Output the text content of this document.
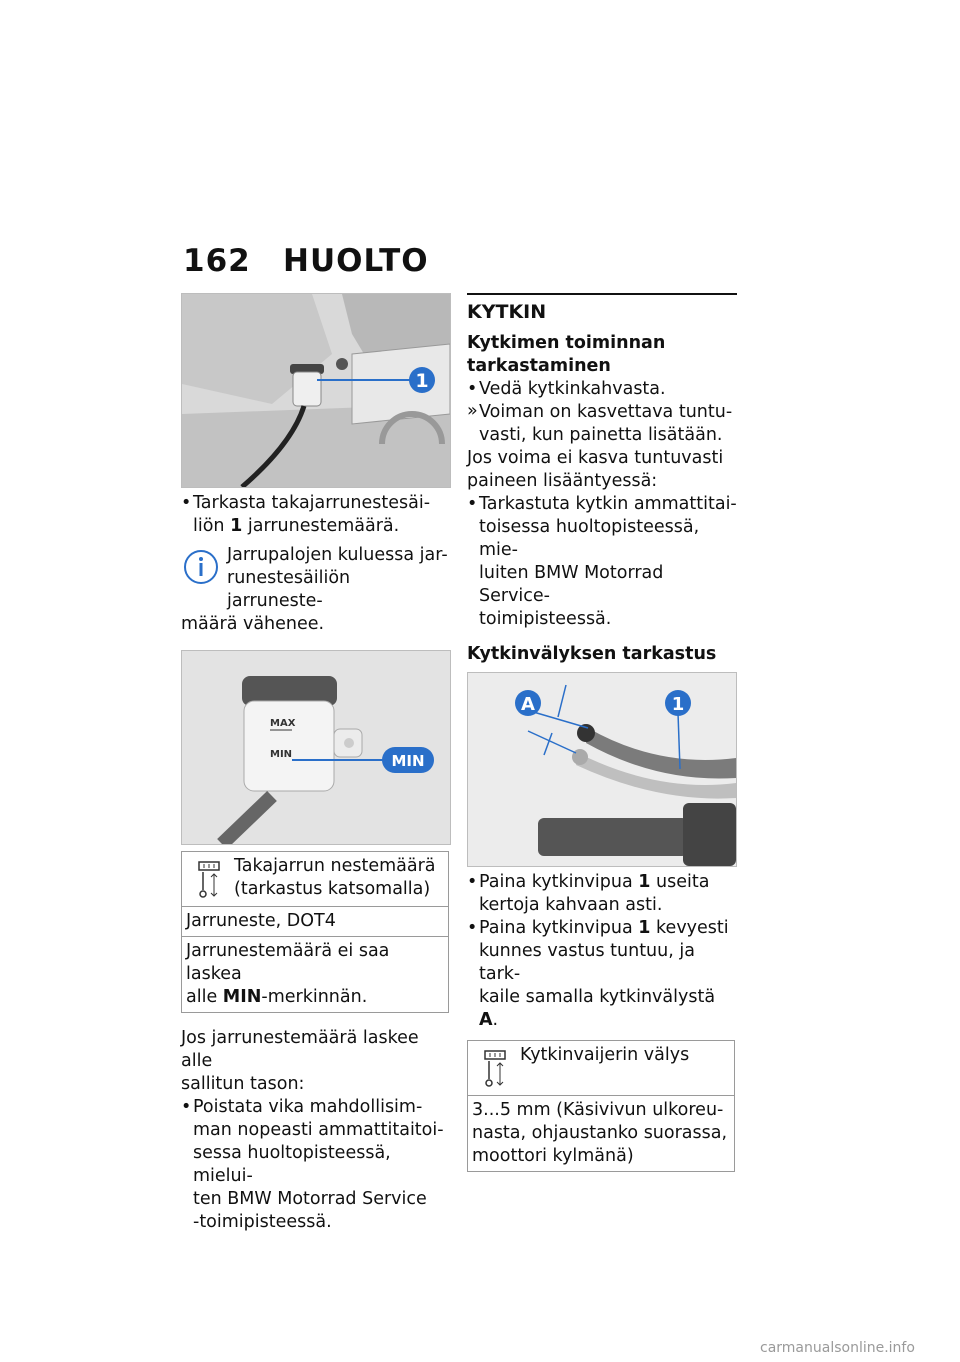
162 HUOLTO
1
• Tarkasta takajarrunestesäi-
liön 1 jarrunestemäärä.
Jarrupalojen kuluessa jar-
runestesäiliön jarruneste-
määrä vähenee.
MAX
MIN	MIN
Takajarrun nestemäärä
(tarkastus katsomalla)
Jarruneste, DOT4
Jarrunestemäärä ei saa laskea
alle MIN-merkinnän.
Jos jarrunestemäärä laskee alle
sallitun tason:
• Poistata vika mahdollisim-
man nopeasti ammattitaitoi-
sessa huoltopisteessä, mielui-
ten BMW Motorrad Service
-toimipisteessä.
KYTKIN
Kytkimen toiminnan
tarkastaminen
• Vedä kytkinkahvasta.
» Voiman on kasvettava tuntu-
vasti, kun painetta lisätään.
Jos voima ei kasva tuntuvasti
paineen lisääntyessä:
• Tarkastuta kytkin ammattitai-
toisessa huoltopisteessä, mie-
luiten BMW Motorrad Service-
toimipisteessä.
Kytkinvälyksen tarkastus
A	1
• Paina kytkinvipua 1 useita
kertoja kahvaan asti.
• Paina kytkinvipua 1 kevyesti
kunnes vastus tuntuu, ja tark-
kaile samalla kytkinvälystä A.
Kytkinvaijerin välys
3...5 mm (Käsivivun ulkoreu-
nasta, ohjaustanko suorassa,
moottori kylmänä)
carmanualsonline.info
